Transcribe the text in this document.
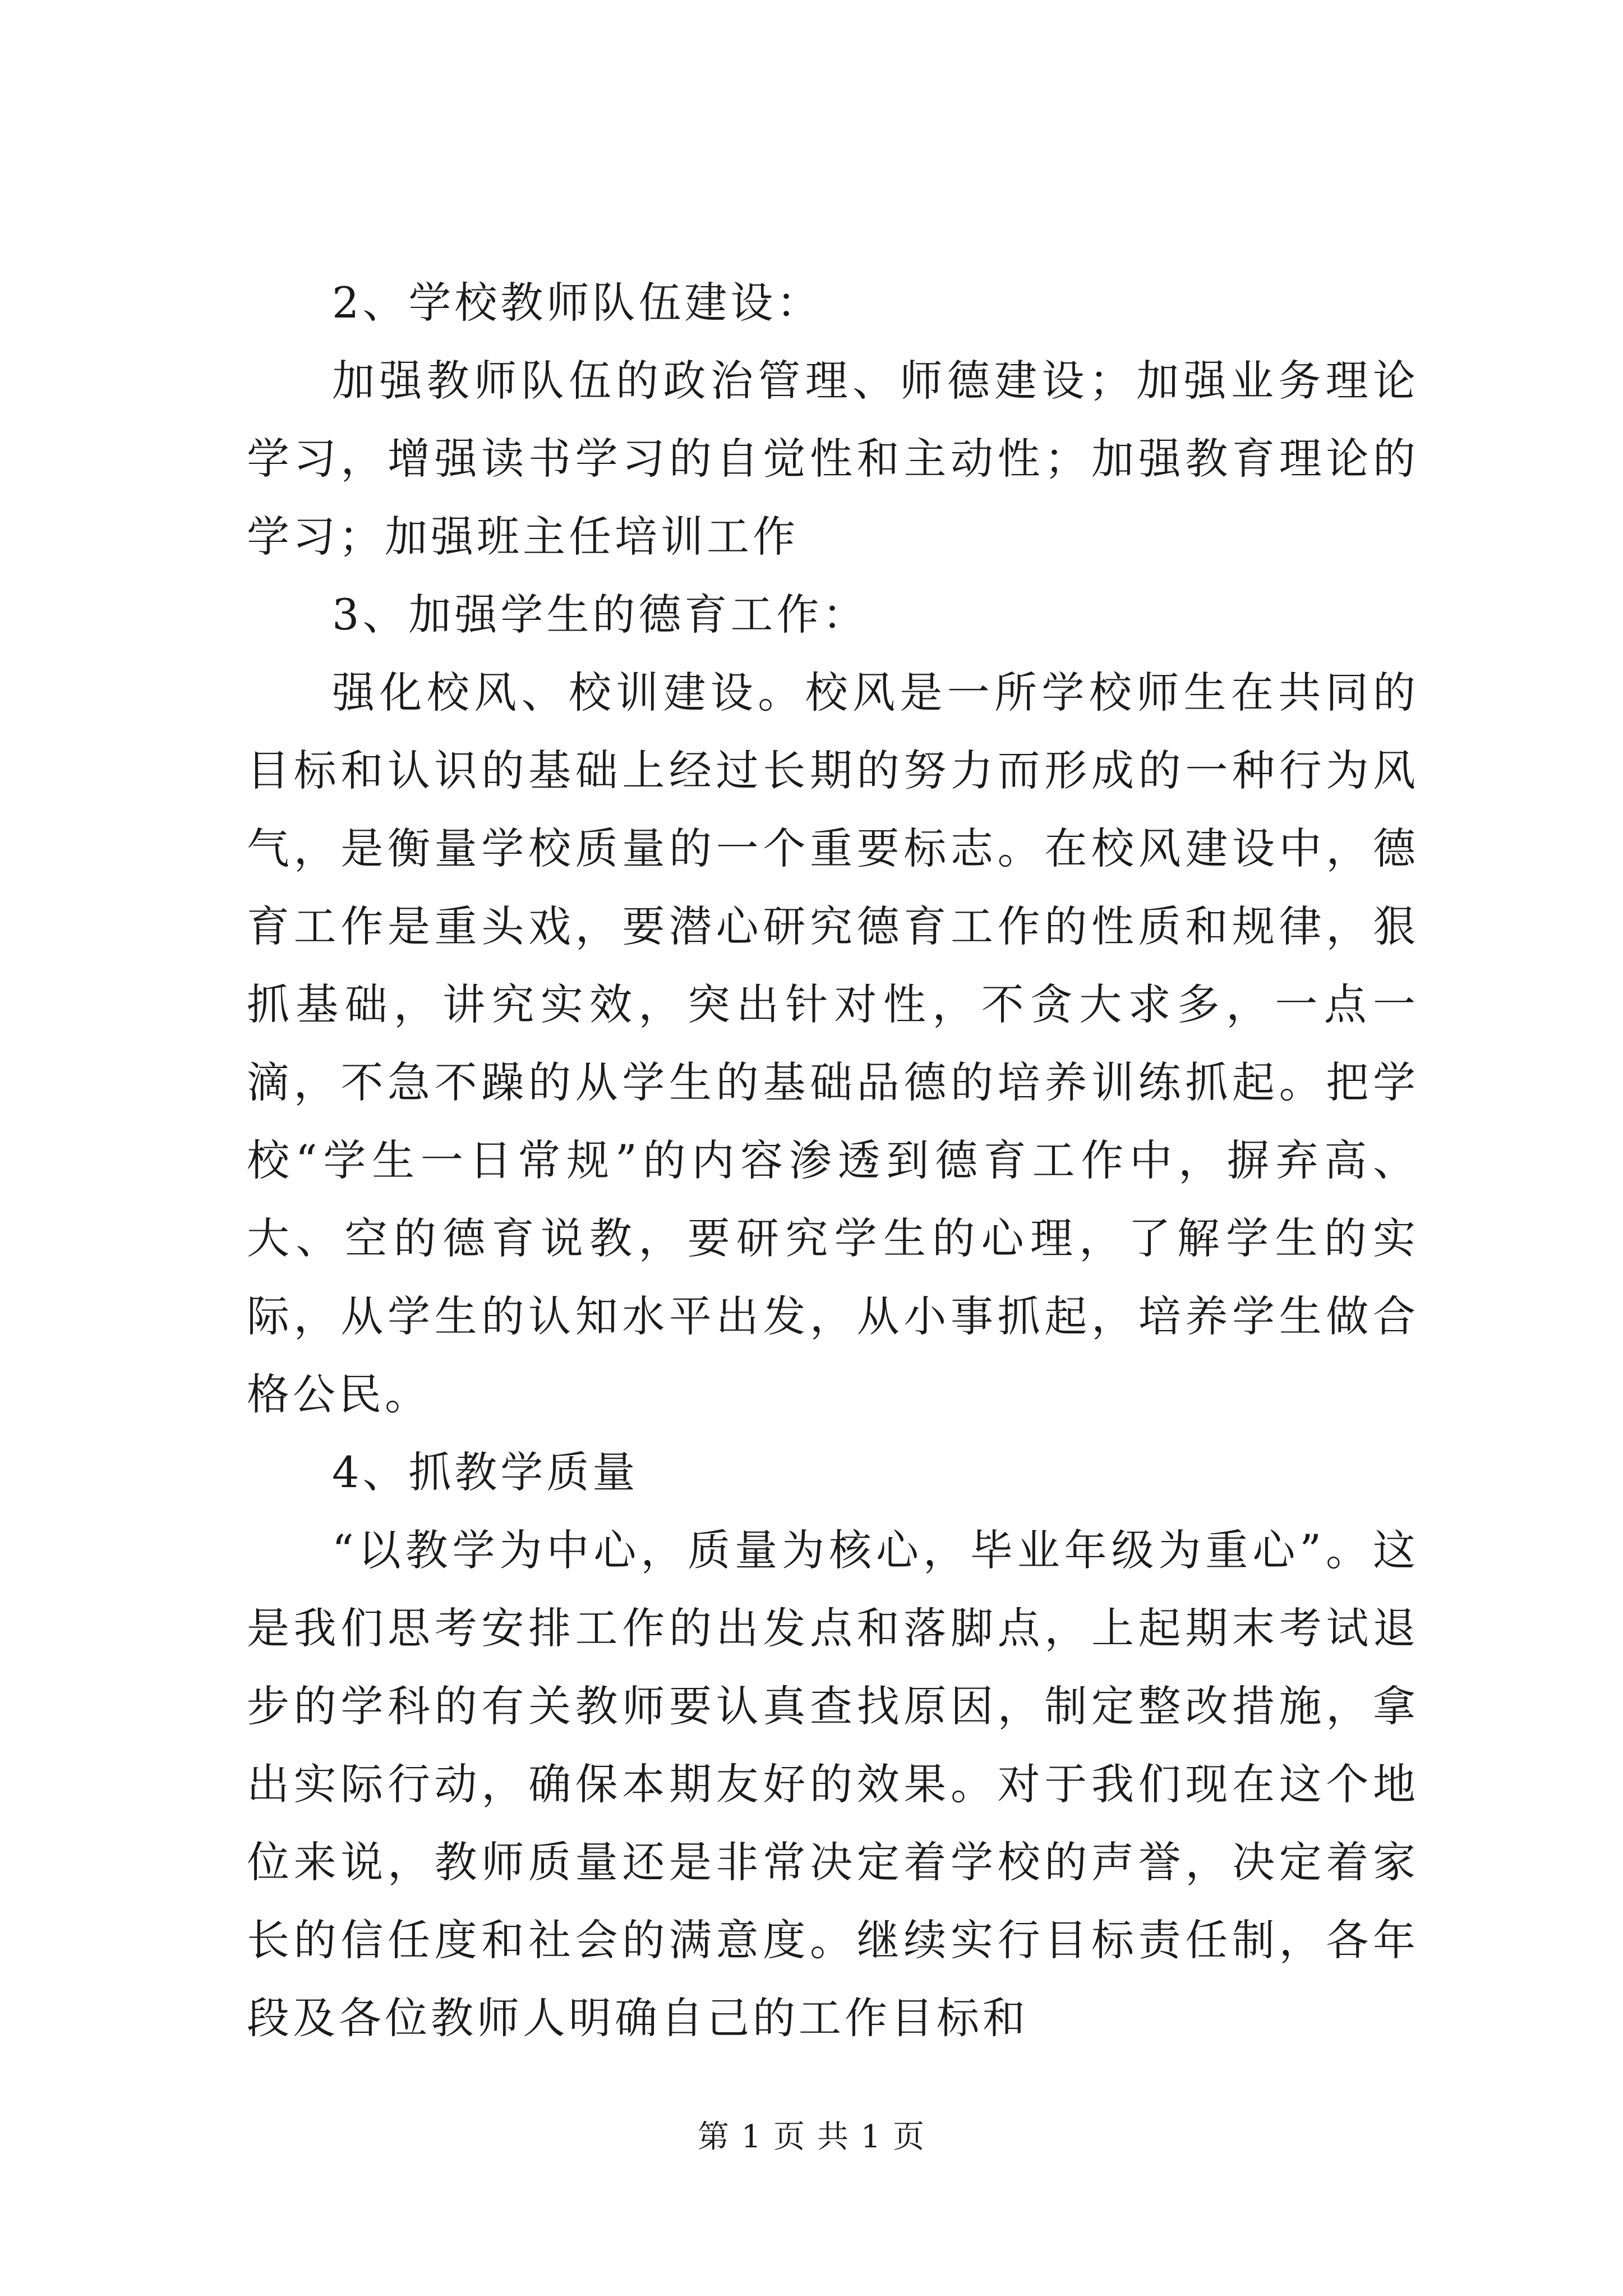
2、学校教师队伍建设：

加强教师队伍的政治管理、师德建设；加强业务理论学习，增强读书学习的自觉性和主动性；加强教育理论的学习；加强班主任培训工作

3、加强学生的德育工作：

强化校风、校训建设。校风是一所学校师生在共同的目标和认识的基础上经过长期的努力而形成的一种行为风气，是衡量学校质量的一个重要标志。在校风建设中，德育工作是重头戏，要潜心研究德育工作的性质和规律，狠抓基础，讲究实效，突出针对性，不贪大求多，一点一滴，不急不躁的从学生的基础品德的培养训练抓起。把学校“学生一日常规”的内容渗透到德育工作中，摒弃高、大、空的德育说教，要研究学生的心理，了解学生的实际，从学生的认知水平出发，从小事抓起，培养学生做合格公民。

4、抓教学质量

“以教学为中心，质量为核心，毕业年级为重心”。这是我们思考安排工作的出发点和落脚点，上起期末考试退步的学科的有关教师要认真查找原因，制定整改措施，拿出实际行动，确保本期友好的效果。对于我们现在这个地位来说，教师质量还是非常决定着学校的声誉，决定着家长的信任度和社会的满意度。继续实行目标责任制，各年段及各位教师人明确自己的工作目标和

第 1 页 共 1 页
